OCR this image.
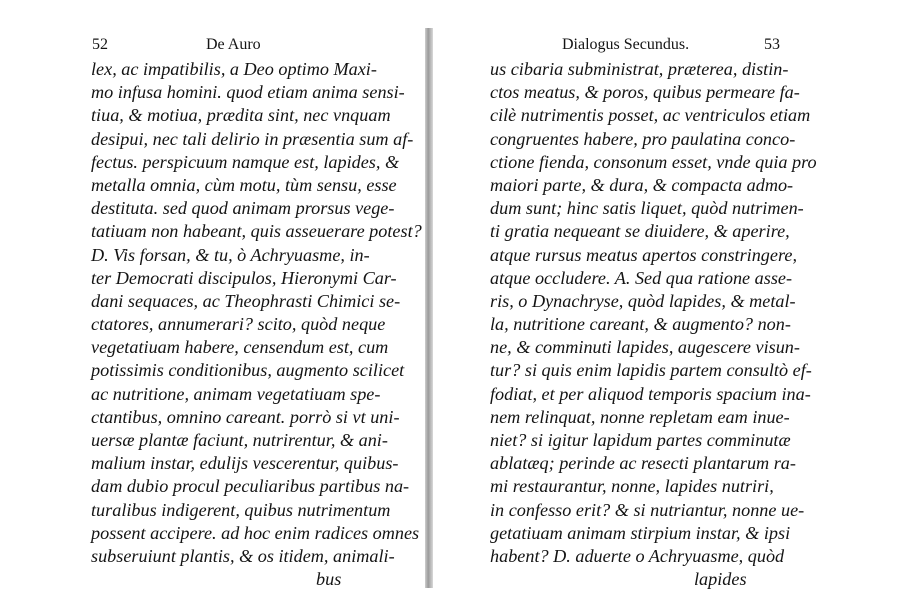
52	De Auro
lex, ac impatibilis, a Deo optimo Maxi-
mo infusa homini. quod etiam anima sensi-
tiua, & motiua, prædita sint, nec vnquam
desipui, nec tali delirio in præsentia sum af-
fectus. perspicuum namque est, lapides, &
metalla omnia, cùm motu, tùm sensu, esse
destituta. sed quod animam prorsus vege-
tatiuam non habeant, quis asseuerare potest?
D. Vis forsan, & tu, ò Achryuasme, in-
ter Democrati discipulos, Hieronymi Car-
dani sequaces, ac Theophrasti Chimici se-
ctatores, annumerari? scito, quòd neque
vegetatiuam habere, censendum est, cum
potissimis conditionibus, augmento scilicet
ac nutritione, animam vegetatiuam spe-
ctantibus, omnino careant. porrò si vt uni-
uersæ plantæ faciunt, nutrirentur, & ani-
malium instar, edulijs vescerentur, quibus-
dam dubio procul peculiaribus partibus na-
turalibus indigerent, quibus nutrimentum
possent accipere. ad hoc enim radices omnes
subseruiunt plantis, & os itidem, animali-
bus
Dialogus Secundus.	53
us cibaria subministrat, præterea, distin-
ctos meatus, & poros, quibus permeare fa-
cilè nutrimentis posset, ac ventriculos etiam
congruentes habere, pro paulatina conco-
ctione fienda, consonum esset, vnde quia pro
maiori parte, & dura, & compacta admo-
dum sunt; hinc satis liquet, quòd nutrimen-
ti gratia nequeant se diuidere, & aperire,
atque rursus meatus apertos constringere,
atque occludere. A. Sed qua ratione asse-
ris, o Dynachryse, quòd lapides, & metal-
la, nutritione careant, & augmento? non-
ne, & comminuti lapides, augescere visun-
tur? si quis enim lapidis partem consultò ef-
fodiat, et per aliquod temporis spacium ina-
nem relinquat, nonne repletam eam inue-
niet? si igitur lapidum partes comminutæ
ablatæq; perinde ac resecti plantarum ra-
mi restaurantur, nonne, lapides nutriri,
in confesso erit? & si nutriantur, nonne ue-
getatiuam animam stirpium instar, & ipsi
habent? D. aduerte o Achryuasme, quòd
lapides
